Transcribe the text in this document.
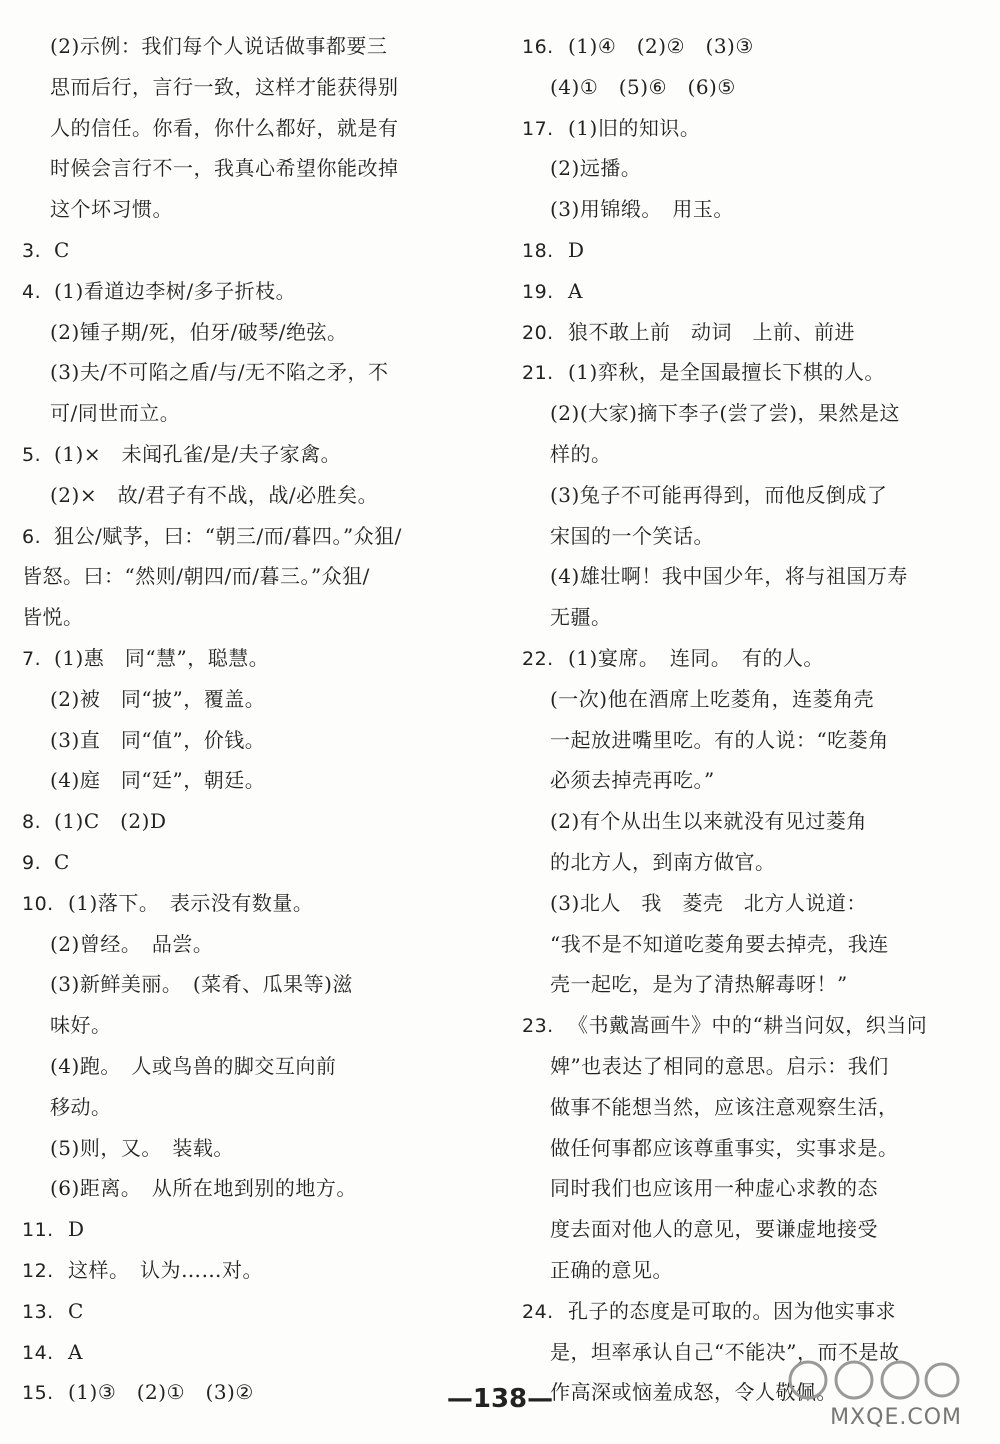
(2)示例：我们每个人说话做事都要三
思而后行，言行一致，这样才能获得别
人的信任。你看，你什么都好，就是有
时候会言行不一，我真心希望你能改掉
这个坏习惯。
3. C
4. (1)看道边李树/多子折枝。
(2)锺子期/死，伯牙/破琴/绝弦。
(3)夫/不可陷之盾/与/无不陷之矛，不
可/同世而立。
5. (1)×　未闻孔雀/是/夫子家禽。
(2)×　故/君子有不战，战/必胜矣。
6. 狙公/赋芧，曰：“朝三/而/暮四。”众狙/
皆怒。曰：“然则/朝四/而/暮三。”众狙/
皆悦。
7. (1)惠　同“慧”，聪慧。
(2)被　同“披”，覆盖。
(3)直　同“值”，价钱。
(4)庭　同“廷”，朝廷。
8. (1)C　(2)D
9. C
10. (1)落下。　表示没有数量。
(2)曾经。　品尝。
(3)新鲜美丽。　(菜肴、瓜果等)滋
味好。
(4)跑。　人或鸟兽的脚交互向前
移动。
(5)则，又。　装载。
(6)距离。　从所在地到别的地方。
11. D
12. 这样。　认为……对。
13. C
14. A
15. (1)③　(2)①　(3)②
16. (1)④　(2)②　(3)③
(4)①　(5)⑥　(6)⑤
17. (1)旧的知识。
(2)远播。
(3)用锦缎。　用玉。
18. D
19. A
20. 狼不敢上前　动词　上前、前进
21. (1)弈秋，是全国最擅长下棋的人。
(2)(大家)摘下李子(尝了尝)，果然是这
样的。
(3)兔子不可能再得到，而他反倒成了
宋国的一个笑话。
(4)雄壮啊！我中国少年，将与祖国万寿
无疆。
22. (1)宴席。　连同。　有的人。
(一次)他在酒席上吃菱角，连菱角壳
一起放进嘴里吃。有的人说：“吃菱角
必须去掉壳再吃。”
(2)有个从出生以来就没有见过菱角
的北方人，到南方做官。
(3)北人　我　菱壳　北方人说道：
“我不是不知道吃菱角要去掉壳，我连
壳一起吃，是为了清热解毒呀！”
23. 《书戴嵩画牛》中的“耕当问奴，织当问
婢”也表达了相同的意思。启示：我们
做事不能想当然，应该注意观察生活，
做任何事都应该尊重事实，实事求是。
同时我们也应该用一种虚心求教的态
度去面对他人的意见，要谦虚地接受
正确的意见。
24. 孔子的态度是可取的。因为他实事求
是，坦率承认自己“不能决”，而不是故
作高深或恼羞成怒，令人敬佩。
—138—
MXQE.COM
